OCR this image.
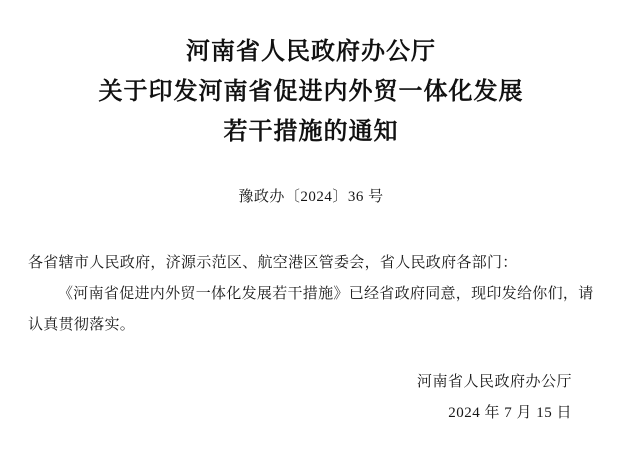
河南省人民政府办公厅
关于印发河南省促进内外贸一体化发展
若干措施的通知
豫政办〔2024〕36 号
各省辖市人民政府，济源示范区、航空港区管委会，省人民政府各部门：
《河南省促进内外贸一体化发展若干措施》已经省政府同意，现印发给你们，请认真贯彻落实。
河南省人民政府办公厅
2024 年 7 月 15 日
